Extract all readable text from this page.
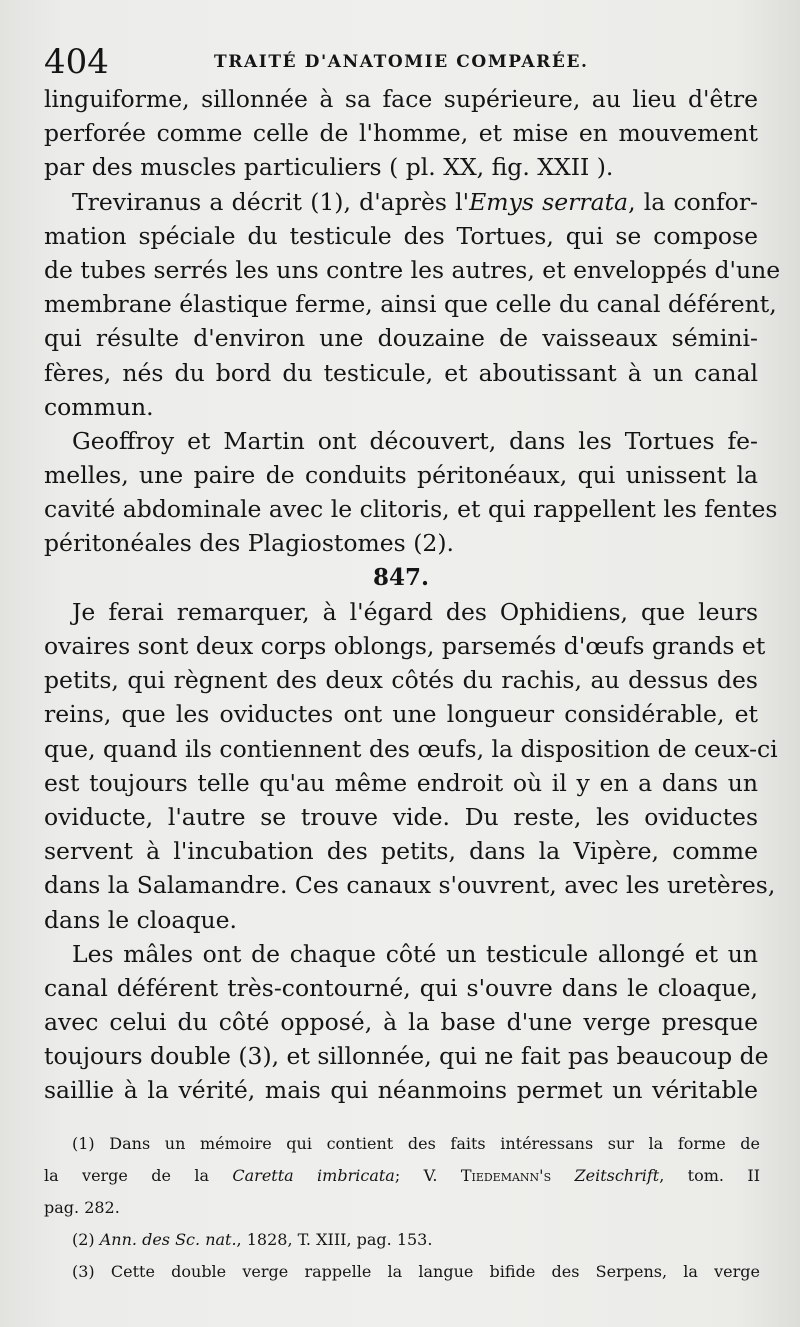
404	TRAITÉ D'ANATOMIE COMPARÉE.
linguiforme, sillonnée à sa face supérieure, au lieu d'être
perforée comme celle de l'homme, et mise en mouvement
par des muscles particuliers ( pl. XX, fig. XXII ).
Treviranus a décrit (1), d'après l'Emys serrata, la confor-
mation spéciale du testicule des Tortues, qui se compose
de tubes serrés les uns contre les autres, et enveloppés d'une
membrane élastique ferme, ainsi que celle du canal déférent,
qui résulte d'environ une douzaine de vaisseaux sémini-
fères, nés du bord du testicule, et aboutissant à un canal
commun.
Geoffroy et Martin ont découvert, dans les Tortues fe-
melles, une paire de conduits péritonéaux, qui unissent la
cavité abdominale avec le clitoris, et qui rappellent les fentes
péritonéales des Plagiostomes (2).
847.
Je ferai remarquer, à l'égard des Ophidiens, que leurs
ovaires sont deux corps oblongs, parsemés d'œufs grands et
petits, qui règnent des deux côtés du rachis, au dessus des
reins, que les oviductes ont une longueur considérable, et
que, quand ils contiennent des œufs, la disposition de ceux-ci
est toujours telle qu'au même endroit où il y en a dans un
oviducte, l'autre se trouve vide. Du reste, les oviductes
servent à l'incubation des petits, dans la Vipère, comme
dans la Salamandre. Ces canaux s'ouvrent, avec les uretères,
dans le cloaque.
Les mâles ont de chaque côté un testicule allongé et un
canal déférent très-contourné, qui s'ouvre dans le cloaque,
avec celui du côté opposé, à la base d'une verge presque
toujours double (3), et sillonnée, qui ne fait pas beaucoup de
saillie à la vérité, mais qui néanmoins permet un véritable
(1) Dans un mémoire qui contient des faits intéressans sur la forme de
la verge de la Caretta imbricata; V. Tiedemann's Zeitschrift, tom. II
pag. 282.
(2) Ann. des Sc. nat., 1828, T. XIII, pag. 153.
(3) Cette double verge rappelle la langue bifide des Serpens, la verge
